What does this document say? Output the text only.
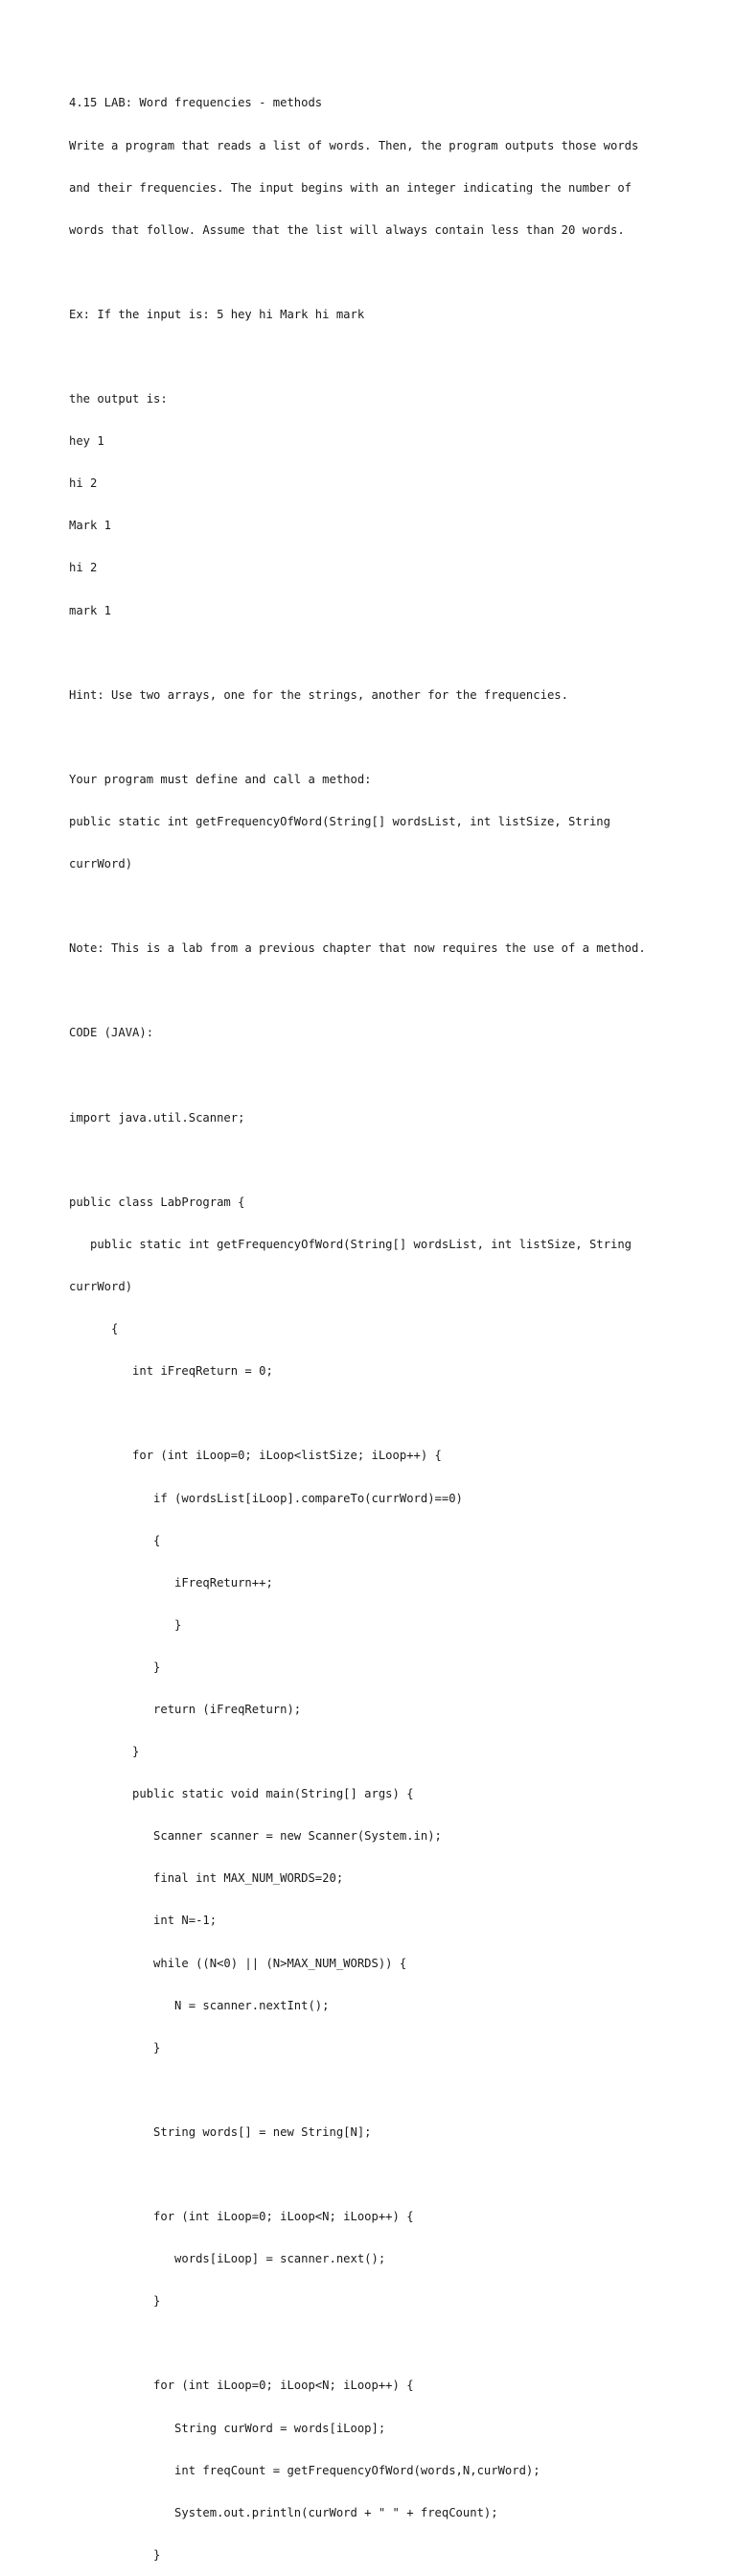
4.15 LAB: Word frequencies - methods

Write a program that reads a list of words. Then, the program outputs those words

and their frequencies. The input begins with an integer indicating the number of

words that follow. Assume that the list will always contain less than 20 words.

Ex: If the input is: 5 hey hi Mark hi mark

the output is:

hey 1

hi 2

Mark 1

hi 2

mark 1

Hint: Use two arrays, one for the strings, another for the frequencies.

Your program must define and call a method:

public static int getFrequencyOfWord(String[] wordsList, int listSize, String

currWord)

Note: This is a lab from a previous chapter that now requires the use of a method.

CODE (JAVA):

import java.util.Scanner;

public class LabProgram {

public static int getFrequencyOfWord(String[] wordsList, int listSize, String

currWord)

{

int iFreqReturn = 0;

for (int iLoop=0; iLoop<listSize; iLoop++) {

if (wordsList[iLoop].compareTo(currWord)==0)

{

iFreqReturn++;

}

}

return (iFreqReturn);

}

public static void main(String[] args) {

Scanner scanner = new Scanner(System.in);

final int MAX_NUM_WORDS=20;

int N=-1;

while ((N<0) || (N>MAX_NUM_WORDS)) {

N = scanner.nextInt();

}

String words[] = new String[N];

for (int iLoop=0; iLoop<N; iLoop++) {

words[iLoop] = scanner.next();

}

for (int iLoop=0; iLoop<N; iLoop++) {

String curWord = words[iLoop];

int freqCount = getFrequencyOfWord(words,N,curWord);

System.out.println(curWord + " " + freqCount);

}
